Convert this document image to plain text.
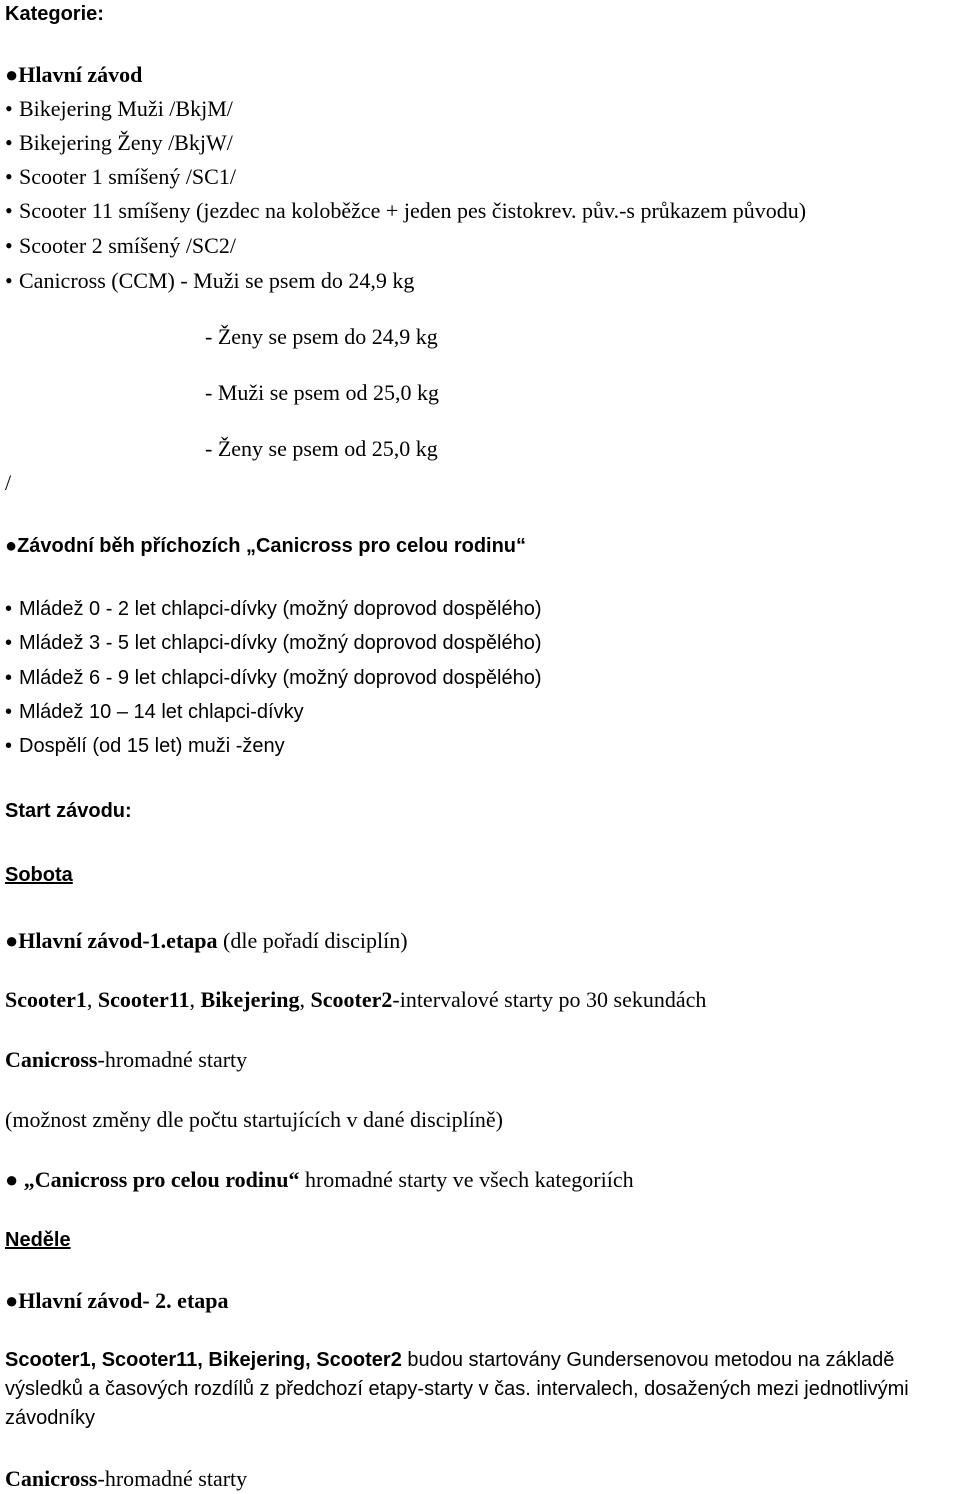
Kategorie:
●Hlavní závod
• Bikejering Muži /BkjM/
• Bikejering Ženy /BkjW/
• Scooter 1 smíšený /SC1/
• Scooter 11 smíšeny (jezdec na koloběžce + jeden pes čistokrev. pův.-s průkazem původu)
• Scooter 2 smíšený /SC2/
• Canicross (CCM) - Muži se psem do 24,9 kg
- Ženy se psem do 24,9 kg
- Muži se psem od 25,0 kg
- Ženy se psem od 25,0 kg
/
●Závodní běh příchozích „Canicross pro celou rodinu“
• Mládež 0 - 2 let chlapci-dívky (možný doprovod dospělého)
• Mládež 3 - 5 let chlapci-dívky (možný doprovod dospělého)
• Mládež 6 - 9 let chlapci-dívky (možný doprovod dospělého)
• Mládež 10 – 14 let chlapci-dívky
• Dospělí (od 15 let) muži -ženy
Start závodu:
Sobota
●Hlavní závod-1.etapa (dle pořadí disciplín)
Scooter1, Scooter11, Bikejering, Scooter2-intervalové starty po 30 sekundách
Canicross-hromadné starty
(možnost změny dle počtu startujících v dané disciplíně)
● „Canicross pro celou rodinu“ hromadné starty ve všech kategoriích
Neděle
●Hlavní závod- 2. etapa
Scooter1, Scooter11, Bikejering, Scooter2 budou startovány Gundersenovou metodou na základě výsledků a časových rozdílů z předchozí etapy-starty v čas. intervalech, dosažených mezi jednotlivými závodníky
Canicross-hromadné starty
